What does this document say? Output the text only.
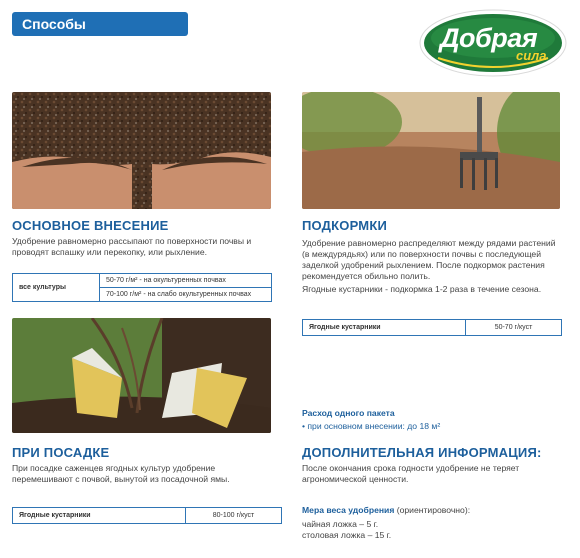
Способы использования	Добрая
сила
ОСНОВНОЕ ВНЕСЕНИЕ
Удобрение равномерно рассыпают по поверхности почвы и
проводят вспашку или перекопку, или рыхление.
все культуры	50-70 г/м² - на окультуренных почвах
70-100 г/м² - на слабо окультуренных почвах
ПОДКОРМКИ
Удобрение равномерно распределяют между рядами растений
(в междурядьях) или по поверхности почвы с последующей
заделкой удобрений рыхлением. После подкормок растения
рекомендуется обильно полить.
Ягодные кустарники - подкормка 1-2 раза в течение сезона.
Ягодные кустарники	50-70 г/куст
ПРИ ПОСАДКЕ
При посадке саженцев ягодных культур удобрение
перемешивают с почвой, вынутой из посадочной ямы.
Ягодные кустарники	80-100 г/куст
Расход одного пакета
• при основном внесении: до 18 м²
ДОПОЛНИТЕЛЬНАЯ ИНФОРМАЦИЯ:
После окончания срока годности удобрение не теряет
агрономической ценности.
Мера веса удобрения (ориентировочно):
чайная ложка – 5 г.
столовая ложка – 15 г.
